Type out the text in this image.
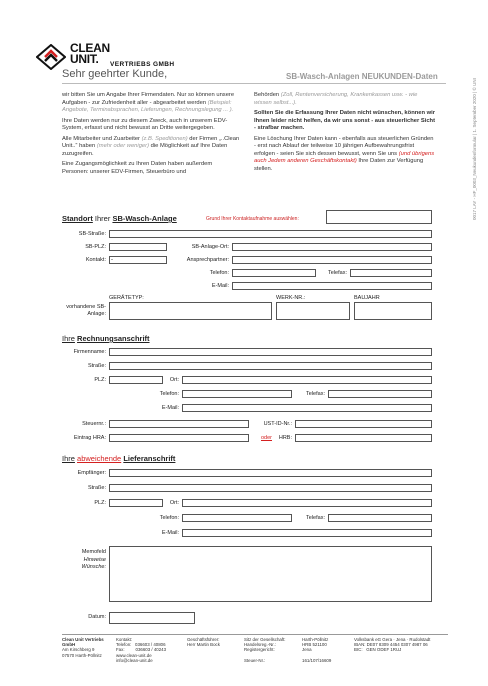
CLEAN
UNIT.	VERTRIEBS GMBH
Sehr geehrter Kunde,	SB-Wasch-Anlagen NEUKUNDEN-Daten
0017 LAY - HF_0003_Neukundenformular | 1. September 2020 | © UNI

wir bitten Sie um Angabe Ihrer Firmendaten. Nur so können unsere Aufgaben - zur Zufriedenheit aller - abgearbeitet werden (Beispiel: Angebote, Terminabsprachen, Lieferungen, Rechnungslegung ... ).

Ihre Daten werden nur zu diesem Zweck, auch in unserem EDV-System, erfasst und nicht bewusst an Dritte weitergegeben.

Alle Mitarbeiter und Zuarbeiter (z.B. Speditionen) der Firmen „..Clean Unit..“ haben (mehr oder weniger) die Möglichkeit auf Ihre Daten zuzugreifen.

Eine Zugangsmöglichkeit zu Ihren Daten haben außerdem Personen: unserer EDV-Firmen, Steuerbüro und

Behörden (Zoll, Rentenversicherung, Krankenkassen usw. - wie wissen selbst...).

Sollten Sie die Erfassung Ihrer Daten nicht wünschen, können wir Ihnen leider nicht helfen, da wir uns sonst - aus steuerlicher Sicht - strafbar machen.

Eine Löschung Ihrer Daten kann - ebenfalls aus steuerlichen Gründen - erst nach Ablauf der teilweise 10 jährigen Aufbewahrungsfrist erfolgen - seien Sie sich dessen bewusst, wenn Sie uns (und übrigens auch Jedem anderen Geschäftskontakt) Ihre Daten zur Verfügung stellen.

Standort Ihrer SB-Wasch-Anlage	Grund Ihrer Kontaktaufnahme auswählen:
SB-Straße:
SB-PLZ:	SB-Anlage-Ort:
Kontakt: -	Ansprechpartner:
Telefon:	Telefax:
E-Mail:
GERÄTETYP:	WERK-NR.:	BAUJAHR
vorhandene SB-Anlage:
Ihre Rechnungsanschrift
Firmenname:
Straße:
PLZ:	Ort:
Telefon:	Telefax:
E-Mail:
Steuernr.:	UST-ID-Nr.:
Eintrag HRA:	oder	HRB:
Ihre abweichende Lieferanschrift
Empfänger:
Straße:
PLZ:	Ort:
Telefon:	Telefax:
E-Mail:
Memofeld
Hinweise Wünsche:
Datum:
Clean Unit Vertriebs GmbH
Am Kirschberg 9
07570 Harth-Pöllnitz
Kontakt:
Telefon:   036603 / 40806
Fax:         036603 / 40243
www.clean-unit.de
info@clean-unit.de
Geschäftsführer:
Herr Martin Bock
Sitz der Gesellschaft:
Handelsreg.-Nr.:
Registergericht:

Steuer-Nr.:
Harth-Pöllnitz
HRB 521100
Jena

161/107/16609
Volksbank eG Gera · Jena · Rudolstadt
IBAN: DE07 8309 4454 0307 4987 06
BIC:   GEN ODEF 1RUJ
